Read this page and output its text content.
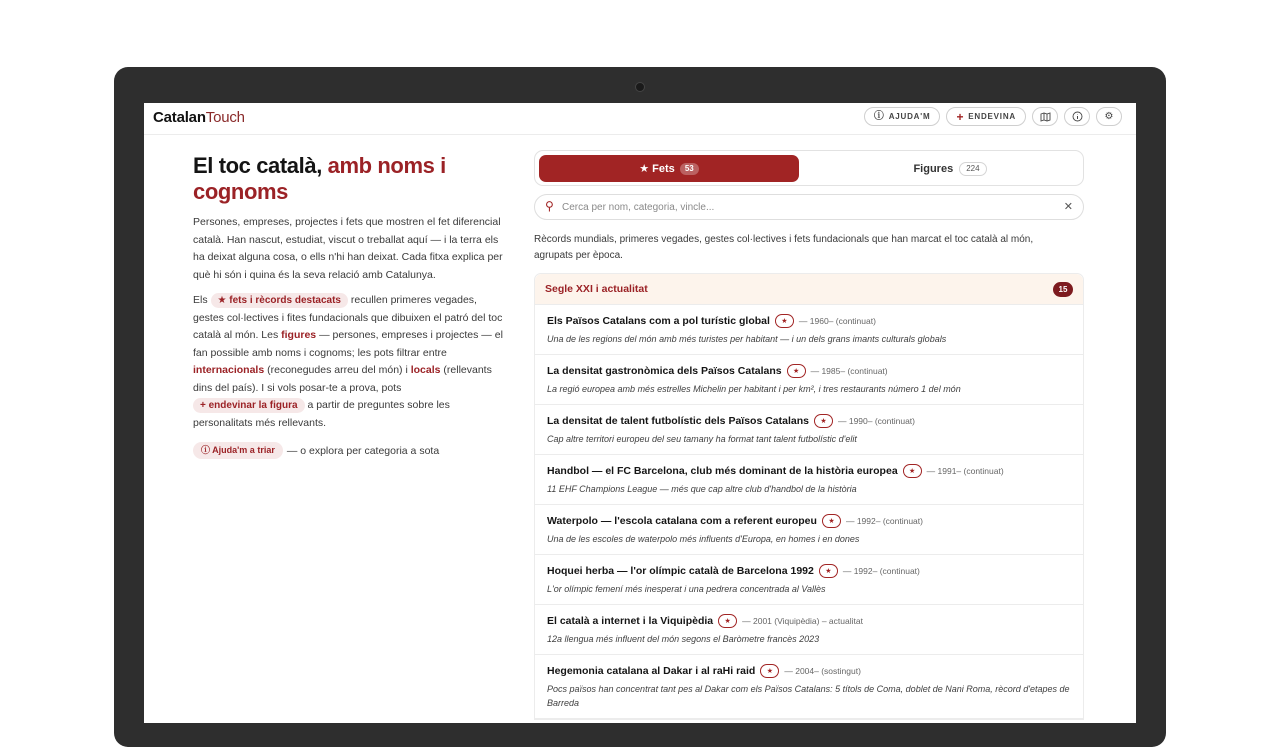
CatalanTouch	ⓘ AJUDA'M + ENDEVINA	⚙
El toc català, amb noms i cognoms

Persones, empreses, projectes i fets que mostren el fet diferencial català. Han nascut, estudiat, viscut o treballat aquí — i la terra els ha deixat alguna cosa, o ells n'hi han deixat. Cada fitxa explica per què hi són i quina és la seva relació amb Catalunya.

Els ★ fets i rècords destacats recullen primeres vegades, gestes col·lectives i fites fundacionals que dibuixen el patró del toc català al món. Les figures — persones, empreses i projectes — el fan possible amb noms i cognoms; les pots filtrar entre internacionals (reconegudes arreu del món) i locals (rellevants dins del país). I si vols posar-te a prova, pots + endevinar la figura a partir de preguntes sobre les personalitats més rellevants.

ⓘ Ajuda'm a triar	— o explora per categoria a sota
★ Fets	53	Figures	224
⚲
Cerca per nom, categoria, vincle...	✕

Rècords mundials, primeres vegades, gestes col·lectives i fets fundacionals que han marcat el toc català al món, agrupats per època.

Segle XXI i actualitat	15
Els Països Catalans com a pol turístic global	★	— 1960– (continuat)
Una de les regions del món amb més turistes per habitant — i un dels grans imants culturals globals
La densitat gastronòmica dels Països Catalans	★	— 1985– (continuat)
La regió europea amb més estrelles Michelin per habitant i per km², i tres restaurants número 1 del món
La densitat de talent futbolístic dels Països Catalans	★	— 1990– (continuat)
Cap altre territori europeu del seu tamany ha format tant talent futbolístic d'elit
Handbol — el FC Barcelona, club més dominant de la història europea	★	— 1991– (continuat)
11 EHF Champions League — més que cap altre club d'handbol de la història
Waterpolo — l'escola catalana com a referent europeu	★	— 1992– (continuat)
Una de les escoles de waterpolo més influents d'Europa, en homes i en dones
Hoquei herba — l'or olímpic català de Barcelona 1992	★	— 1992– (continuat)
L'or olímpic femení més inesperat i una pedrera concentrada al Vallès
El català a internet i la Viquipèdia	★	— 2001 (Viquipèdia) – actualitat
12a llengua més influent del món segons el Baròmetre francès 2023
Hegemonia catalana al Dakar i al raHi raid	★	— 2004– (sostingut)
Pocs països han concentrat tant pes al Dakar com els Països Catalans: 5 títols de Coma, doblet de Nani Roma, rècord d'etapes de Barreda
